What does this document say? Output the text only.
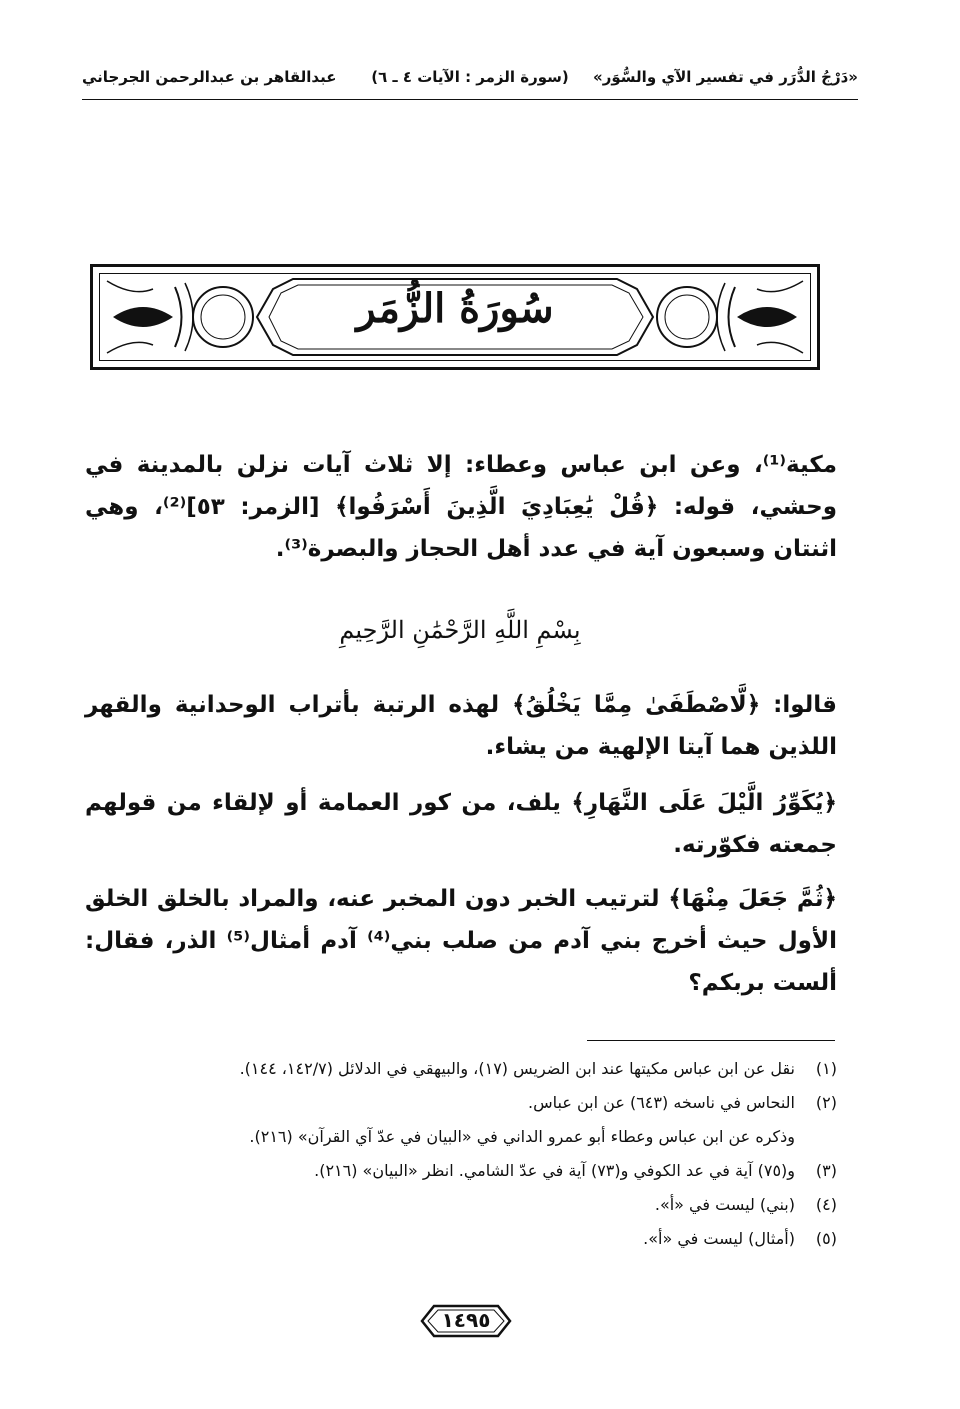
«دَرْجُ الدُّرَر في تفسير الآي والسُّوَر»
(سورة الزمر : الآيات ٤ ـ ٦)
عبدالقاهر بن عبدالرحمن الجرجاني
سُورَةُ الزُّمَر
مكية⁽¹⁾، وعن ابن عباس وعطاء: إلا ثلاث آيات نزلن بالمدينة في وحشي، قوله: ﴿قُلْ يَٰعِبَادِيَ الَّذِينَ أَسْرَفُوا﴾ [الزمر: ٥٣]⁽²⁾، وهي اثنتان وسبعون آية في عدد أهل الحجاز والبصرة⁽³⁾.
بِسْمِ اللَّهِ الرَّحْمَٰنِ الرَّحِيمِ
قالوا: ﴿لَّاصْطَفَىٰ مِمَّا يَخْلُقُ﴾ لهذه الرتبة بأتراب الوحدانية والقهر اللذين هما آيتا الإلهية من يشاء.
﴿يُكَوِّرُ الَّيْلَ عَلَى النَّهَارِ﴾ يلف، من كور العمامة أو لإلقاء من قولهم جمعته فكوّرته.
﴿ثُمَّ جَعَلَ مِنْهَا﴾ لترتيب الخبر دون المخبر عنه، والمراد بالخلق الخلق الأول حيث أخرج بني آدم من صلب بني⁽⁴⁾ آدم أمثال⁽⁵⁾ الذر، فقال: ألست بربكم؟
(١)
نقل عن ابن عباس مكيتها عند ابن الضريس (١٧)، والبيهقي في الدلائل (١٤٢/٧، ١٤٤).
(٢)
النحاس في ناسخه (٦٤٣) عن ابن عباس.
وذكره عن ابن عباس وعطاء أبو عمرو الداني في «البيان في عدّ آي القرآن» (٢١٦).
(٣)
و(٧٥) آية في عد الكوفي و(٧٣) آية في عدّ الشامي. انظر «البيان» (٢١٦).
(٤)
(بني) ليست في «أ».
(٥)
(أمثال) ليست في «أ».
١٤٩٥
